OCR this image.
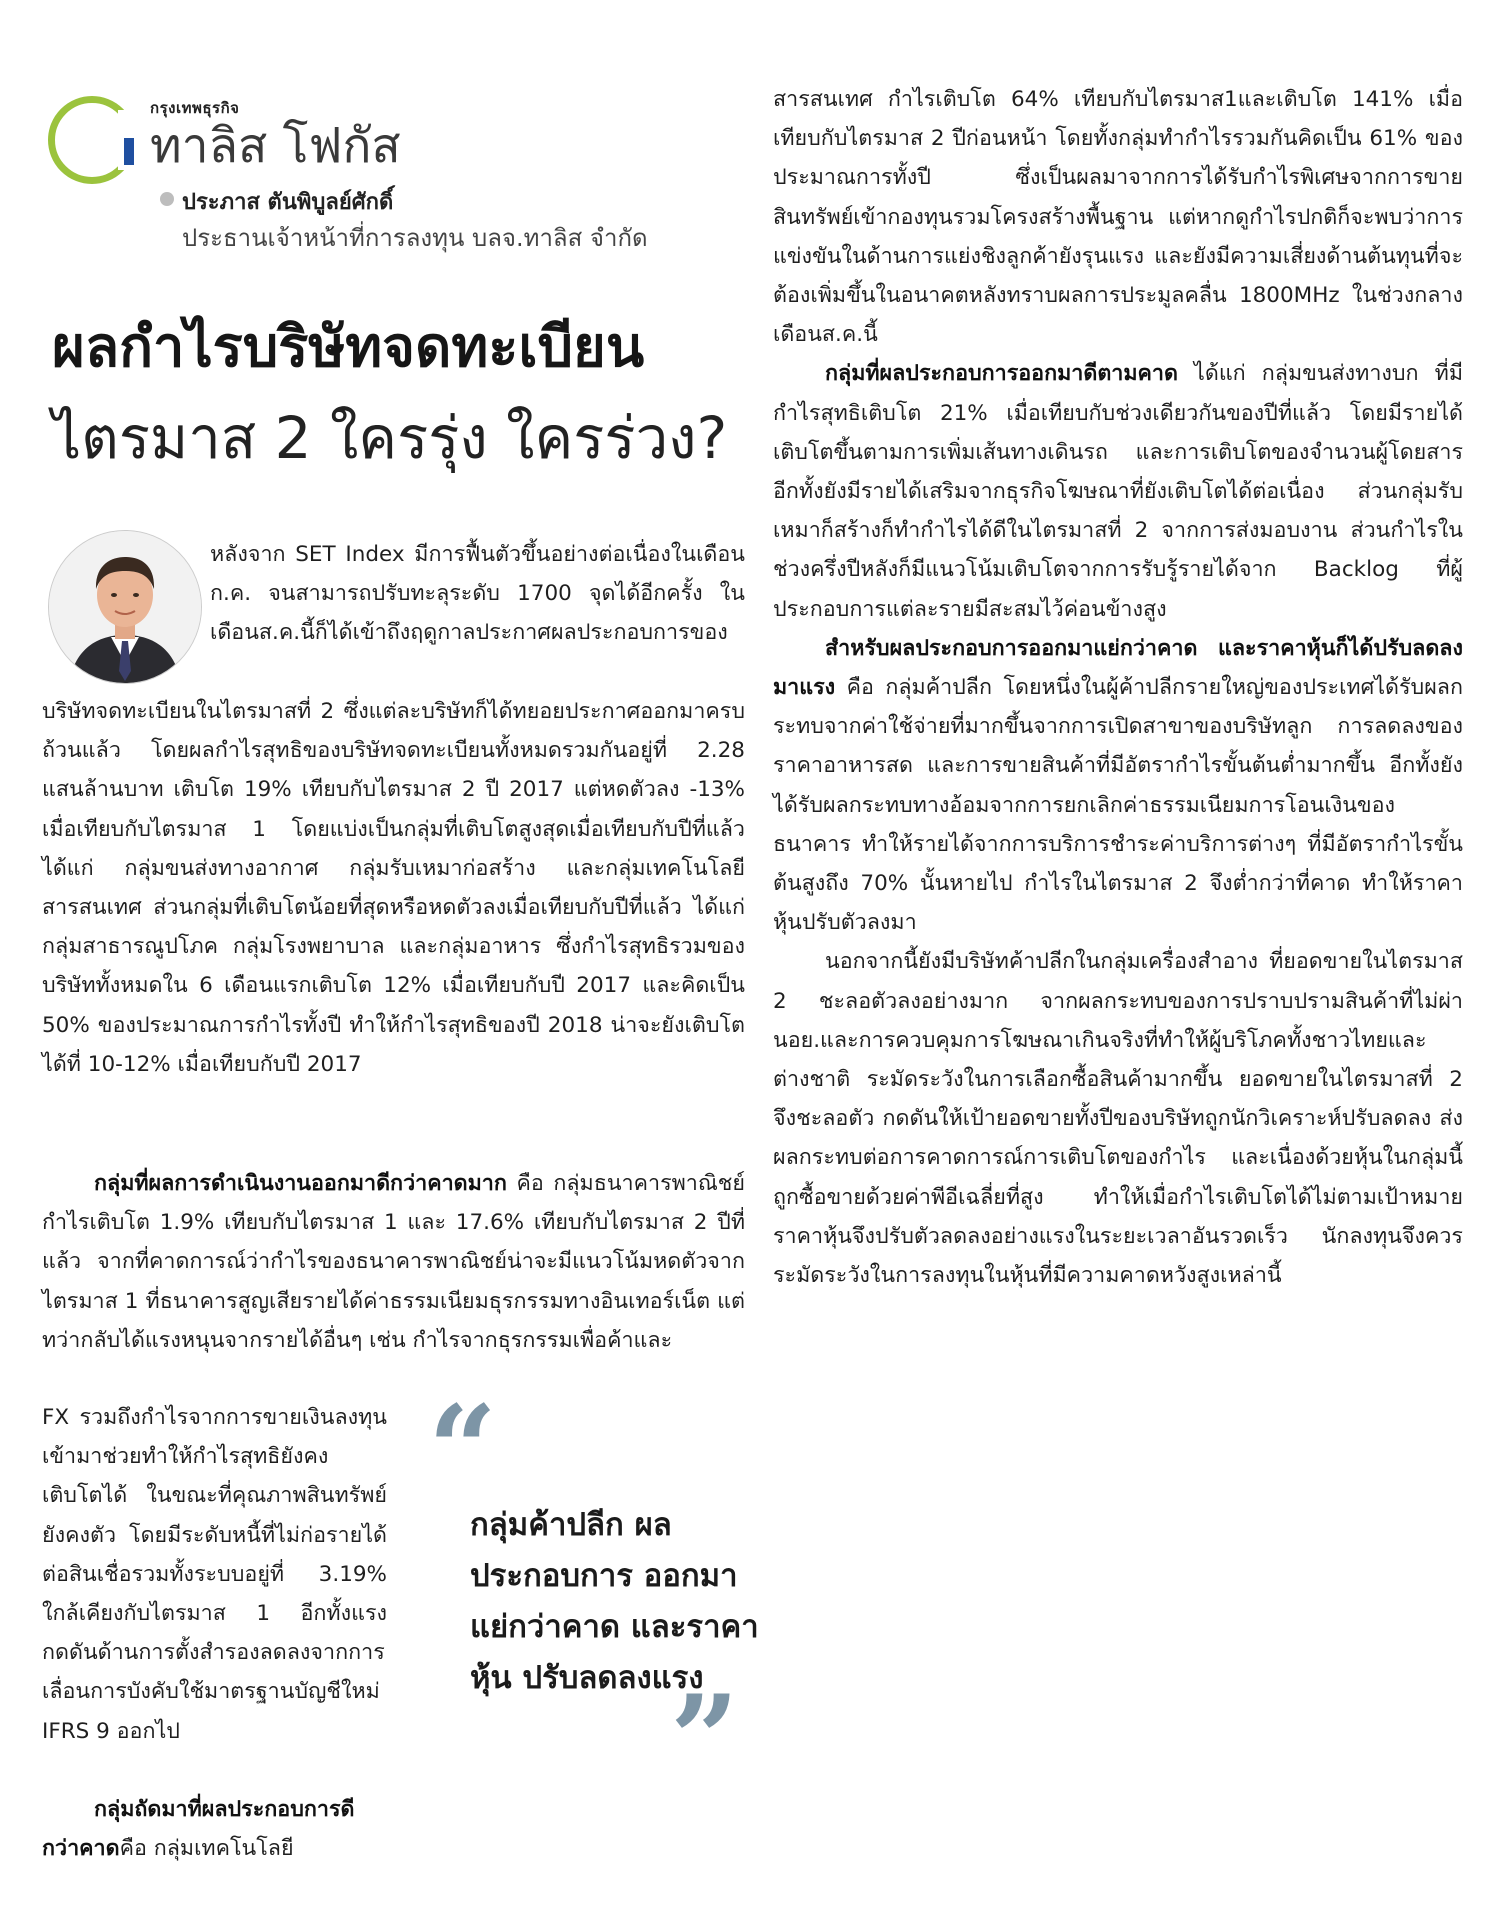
กรุงเทพธุรกิจ
ทาลิส โฟกัส
ประภาส ตันพิบูลย์ศักดิ์
ประธานเจ้าหน้าที่การลงทุน บลจ.ทาลิส จำกัด
ผลกำไรบริษัทจดทะเบียน
ไตรมาส 2 ใครรุ่ง ใครร่วง?

หลังจาก SET Index มีการฟื้นตัวขึ้นอย่างต่อเนื่องในเดือนก.ค. จนสามารถปรับทะลุระดับ 1700 จุดได้อีกครั้ง ในเดือนส.ค.นี้ก็ได้เข้าถึงฤดูกาลประกาศผลประกอบการของ

บริษัทจดทะเบียนในไตรมาสที่ 2 ซึ่งแต่ละบริษัทก็ได้ทยอยประกาศออกมาครบถ้วนแล้ว โดยผลกำไรสุทธิของบริษัทจดทะเบียนทั้งหมดรวมกันอยู่ที่ 2.28 แสนล้านบาท เติบโต 19% เทียบกับไตรมาส 2 ปี 2017 แต่หดตัวลง -13% เมื่อเทียบกับไตรมาส 1 โดยแบ่งเป็นกลุ่มที่เติบโตสูงสุดเมื่อเทียบกับปีที่แล้ว ได้แก่ กลุ่มขนส่งทางอากาศ กลุ่มรับเหมาก่อสร้าง และกลุ่มเทคโนโลยีสารสนเทศ ส่วนกลุ่มที่เติบโตน้อยที่สุดหรือหดตัวลงเมื่อเทียบกับปีที่แล้ว ได้แก่ กลุ่มสาธารณูปโภค กลุ่มโรงพยาบาล และกลุ่มอาหาร ซึ่งกำไรสุทธิรวมของบริษัททั้งหมดใน 6 เดือนแรกเติบโต 12% เมื่อเทียบกับปี 2017 และคิดเป็น 50% ของประมาณการกำไรทั้งปี ทำให้กำไรสุทธิของปี 2018 น่าจะยังเติบโตได้ที่ 10-12% เมื่อเทียบกับปี 2017

กลุ่มที่ผลการดำเนินงานออกมาดีกว่าคาดมาก คือ กลุ่มธนาคารพาณิชย์ กำไรเติบโต 1.9% เทียบกับไตรมาส 1 และ 17.6% เทียบกับไตรมาส 2 ปีที่แล้ว จากที่คาดการณ์ว่ากำไรของธนาคารพาณิชย์น่าจะมีแนวโน้มหดตัวจากไตรมาส 1 ที่ธนาคารสูญเสียรายได้ค่าธรรมเนียมธุรกรรมทางอินเทอร์เน็ต แต่ทว่ากลับได้แรงหนุนจากรายได้อื่นๆ เช่น กำไรจากธุรกรรมเพื่อค้าและ

FX รวมถึงกำไรจากการขายเงินลงทุนเข้ามาช่วยทำให้กำไรสุทธิยังคงเติบโตได้ ในขณะที่คุณภาพสินทรัพย์ยังคงตัว โดยมีระดับหนี้ที่ไม่ก่อรายได้ต่อสินเชื่อรวมทั้งระบบอยู่ที่ 3.19% ใกล้เคียงกับไตรมาส 1 อีกทั้งแรงกดดันด้านการตั้งสำรองลดลงจากการเลื่อนการบังคับใช้มาตรฐานบัญชีใหม่ IFRS 9 ออกไป

กลุ่มถัดมาที่ผลประกอบการดีกว่าคาดคือ กลุ่มเทคโนโลยี

“
กลุ่มค้าปลีก ผลประกอบการ ออกมาแย่กว่าคาด และราคาหุ้น ปรับลดลงแรง
”

สารสนเทศ กำไรเติบโต 64% เทียบกับไตรมาส1และเติบโต 141% เมื่อเทียบกับไตรมาส 2 ปีก่อนหน้า โดยทั้งกลุ่มทำกำไรรวมกันคิดเป็น 61% ของประมาณการทั้งปี ซึ่งเป็นผลมาจากการได้รับกำไรพิเศษจากการขายสินทรัพย์เข้ากองทุนรวมโครงสร้างพื้นฐาน แต่หากดูกำไรปกติก็จะพบว่าการแข่งขันในด้านการแย่งชิงลูกค้ายังรุนแรง และยังมีความเสี่ยงด้านต้นทุนที่จะต้องเพิ่มขึ้นในอนาคตหลังทราบผลการประมูลคลื่น 1800MHz ในช่วงกลางเดือนส.ค.นี้

กลุ่มที่ผลประกอบการออกมาดีตามคาด ได้แก่ กลุ่มขนส่งทางบก ที่มีกำไรสุทธิเติบโต 21% เมื่อเทียบกับช่วงเดียวกันของปีที่แล้ว โดยมีรายได้เติบโตขึ้นตามการเพิ่มเส้นทางเดินรถ และการเติบโตของจำนวนผู้โดยสาร อีกทั้งยังมีรายได้เสริมจากธุรกิจโฆษณาที่ยังเติบโตได้ต่อเนื่อง ส่วนกลุ่มรับเหมาก็สร้างก็ทำกำไรได้ดีในไตรมาสที่ 2 จากการส่งมอบงาน ส่วนกำไรในช่วงครึ่งปีหลังก็มีแนวโน้มเติบโตจากการรับรู้รายได้จาก Backlog ที่ผู้ประกอบการแต่ละรายมีสะสมไว้ค่อนข้างสูง

สำหรับผลประกอบการออกมาแย่กว่าคาด และราคาหุ้นก็ได้ปรับลดลงมาแรง คือ กลุ่มค้าปลีก โดยหนึ่งในผู้ค้าปลีกรายใหญ่ของประเทศได้รับผลกระทบจากค่าใช้จ่ายที่มากขึ้นจากการเปิดสาขาของบริษัทลูก การลดลงของราคาอาหารสด และการขายสินค้าที่มีอัตรากำไรขั้นต้นต่ำมากขึ้น อีกทั้งยังได้รับผลกระทบทางอ้อมจากการยกเลิกค่าธรรมเนียมการโอนเงินของธนาคาร ทำให้รายได้จากการบริการชำระค่าบริการต่างๆ ที่มีอัตรากำไรขั้นต้นสูงถึง 70% นั้นหายไป กำไรในไตรมาส 2 จึงต่ำกว่าที่คาด ทำให้ราคาหุ้นปรับตัวลงมา

นอกจากนี้ยังมีบริษัทค้าปลีกในกลุ่มเครื่องสำอาง ที่ยอดขายในไตรมาส 2 ชะลอตัวลงอย่างมาก จากผลกระทบของการปราบปรามสินค้าที่ไม่ผ่านอย.และการควบคุมการโฆษณาเกินจริงที่ทำให้ผู้บริโภคทั้งชาวไทยและต่างชาติ ระมัดระวังในการเลือกซื้อสินค้ามากขึ้น ยอดขายในไตรมาสที่ 2 จึงชะลอตัว กดดันให้เป้ายอดขายทั้งปีของบริษัทถูกนักวิเคราะห์ปรับลดลง ส่งผลกระทบต่อการคาดการณ์การเติบโตของกำไร และเนื่องด้วยหุ้นในกลุ่มนี้ถูกซื้อขายด้วยค่าพีอีเฉลี่ยที่สูง ทำให้เมื่อกำไรเติบโตได้ไม่ตามเป้าหมาย ราคาหุ้นจึงปรับตัวลดลงอย่างแรงในระยะเวลาอันรวดเร็ว นักลงทุนจึงควรระมัดระวังในการลงทุนในหุ้นที่มีความคาดหวังสูงเหล่านี้
